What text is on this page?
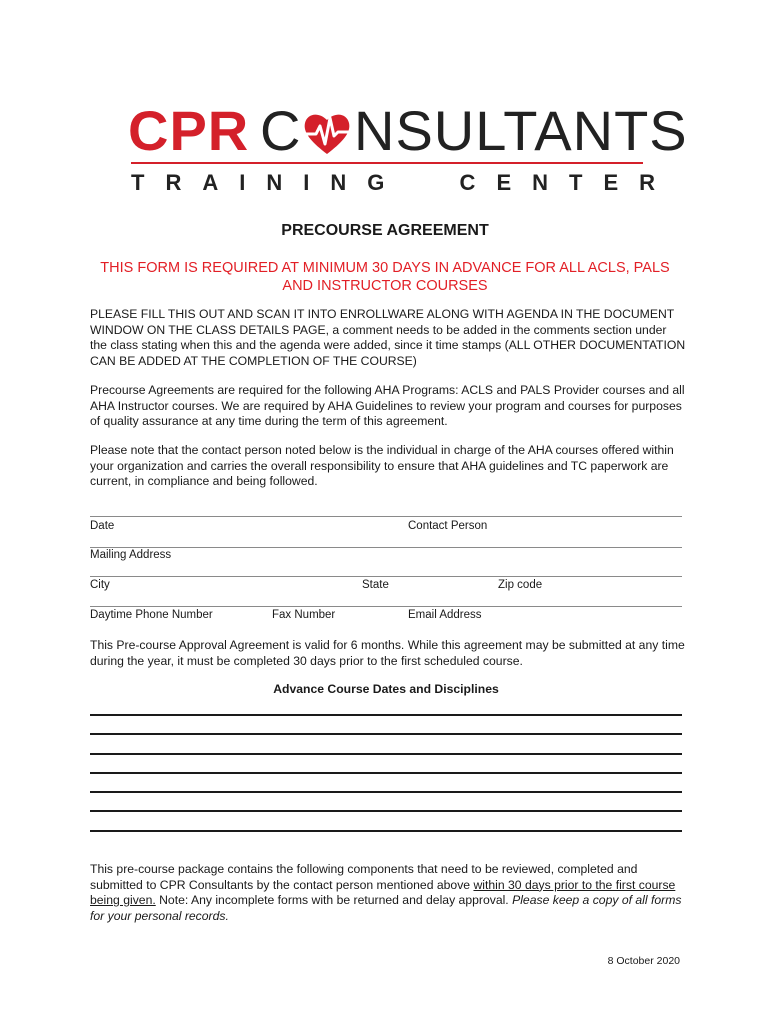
CPR C NSULTANTS
TRAINING  CENTER
PRECOURSE AGREEMENT
THIS FORM IS REQUIRED AT MINIMUM 30 DAYS IN ADVANCE FOR ALL ACLS, PALS AND INSTRUCTOR COURSES
PLEASE FILL THIS OUT AND SCAN IT INTO ENROLLWARE ALONG WITH AGENDA IN THE DOCUMENT WINDOW ON THE CLASS DETAILS PAGE, a comment needs to be added in the comments section under the class stating when this and the agenda were added, since it time stamps (ALL OTHER DOCUMENTATION CAN BE ADDED AT THE COMPLETION OF THE COURSE)
Precourse Agreements are required for the following AHA Programs: ACLS and PALS Provider courses and all AHA Instructor courses. We are required by AHA Guidelines to review your program and courses for purposes of quality assurance at any time during the term of this agreement.
Please note that the contact person noted below is the individual in charge of the AHA courses offered within your organization and carries the overall responsibility to ensure that AHA guidelines and TC paperwork are current, in compliance and being followed.
Date	Contact Person
Mailing Address
City	State	Zip code
Daytime Phone Number	Fax Number	Email Address
This Pre-course Approval Agreement is valid for 6 months. While this agreement may be submitted at any time during the year, it must be completed 30 days prior to the first scheduled course.
Advance Course Dates and Disciplines
This pre-course package contains the following components that need to be reviewed, completed and submitted to CPR Consultants by the contact person mentioned above within 30 days prior to the first course being given. Note: Any incomplete forms with be returned and delay approval. Please keep a copy of all forms for your personal records.
8 October 2020
